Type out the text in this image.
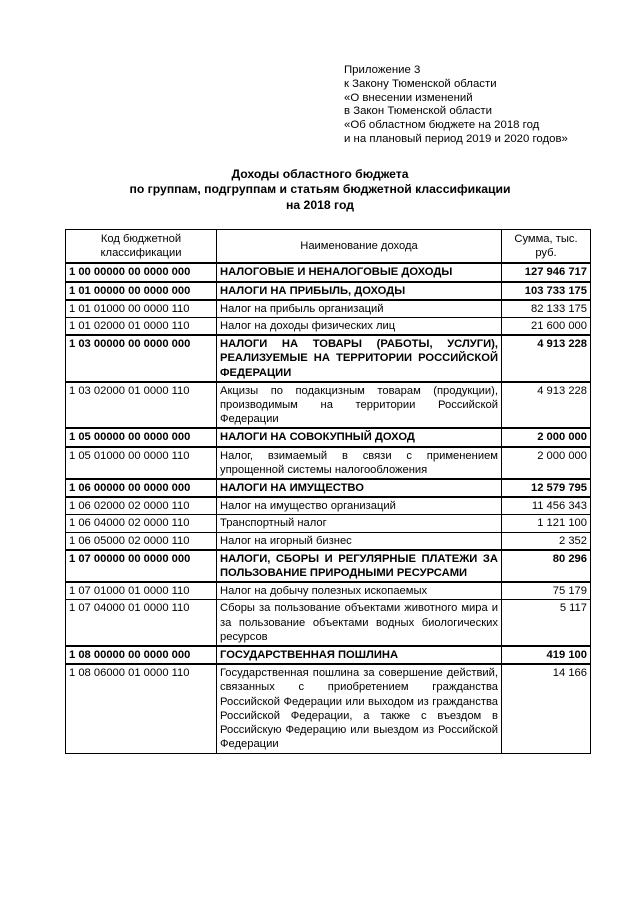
Приложение 3
к Закону Тюменской области
«О внесении изменений
в Закон Тюменской области
«Об областном бюджете на 2018 год
и на плановый период 2019 и 2020 годов»
Доходы областного бюджета
по группам, подгруппам и статьям бюджетной классификации
на 2018 год
Код бюджетной классификации	Наименование дохода	Сумма, тыс. руб.
1 00 00000 00 0000 000	НАЛОГОВЫЕ И НЕНАЛОГОВЫЕ ДОХОДЫ	127 946 717
1 01 00000 00 0000 000	НАЛОГИ НА ПРИБЫЛЬ, ДОХОДЫ	103 733 175
1 01 01000 00 0000 110	Налог на прибыль организаций	82 133 175
1 01 02000 01 0000 110	Налог на доходы физических лиц	21 600 000
1 03 00000 00 0000 000	НАЛОГИ НА ТОВАРЫ (РАБОТЫ, УСЛУГИ), РЕАЛИЗУЕМЫЕ НА ТЕРРИТОРИИ РОССИЙСКОЙ ФЕДЕРАЦИИ	4 913 228
1 03 02000 01 0000 110	Акцизы по подакцизным товарам (продукции), производимым на территории Российской Федерации	4 913 228
1 05 00000 00 0000 000	НАЛОГИ НА СОВОКУПНЫЙ ДОХОД	2 000 000
1 05 01000 00 0000 110	Налог, взимаемый в связи с применением упрощенной системы налогообложения	2 000 000
1 06 00000 00 0000 000	НАЛОГИ НА ИМУЩЕСТВО	12 579 795
1 06 02000 02 0000 110	Налог на имущество организаций	11 456 343
1 06 04000 02 0000 110	Транспортный налог	1 121 100
1 06 05000 02 0000 110	Налог на игорный бизнес	2 352
1 07 00000 00 0000 000	НАЛОГИ, СБОРЫ И РЕГУЛЯРНЫЕ ПЛАТЕЖИ ЗА ПОЛЬЗОВАНИЕ ПРИРОДНЫМИ РЕСУРСАМИ	80 296
1 07 01000 01 0000 110	Налог на добычу полезных ископаемых	75 179
1 07 04000 01 0000 110	Сборы за пользование объектами животного мира и за пользование объектами водных биологических ресурсов	5 117
1 08 00000 00 0000 000	ГОСУДАРСТВЕННАЯ ПОШЛИНА	419 100
1 08 06000 01 0000 110	Государственная пошлина за совершение действий, связанных с приобретением гражданства Российской Федерации или выходом из гражданства Российской Федерации, а также с въездом в Российскую Федерацию или выездом из Российской Федерации	14 166
